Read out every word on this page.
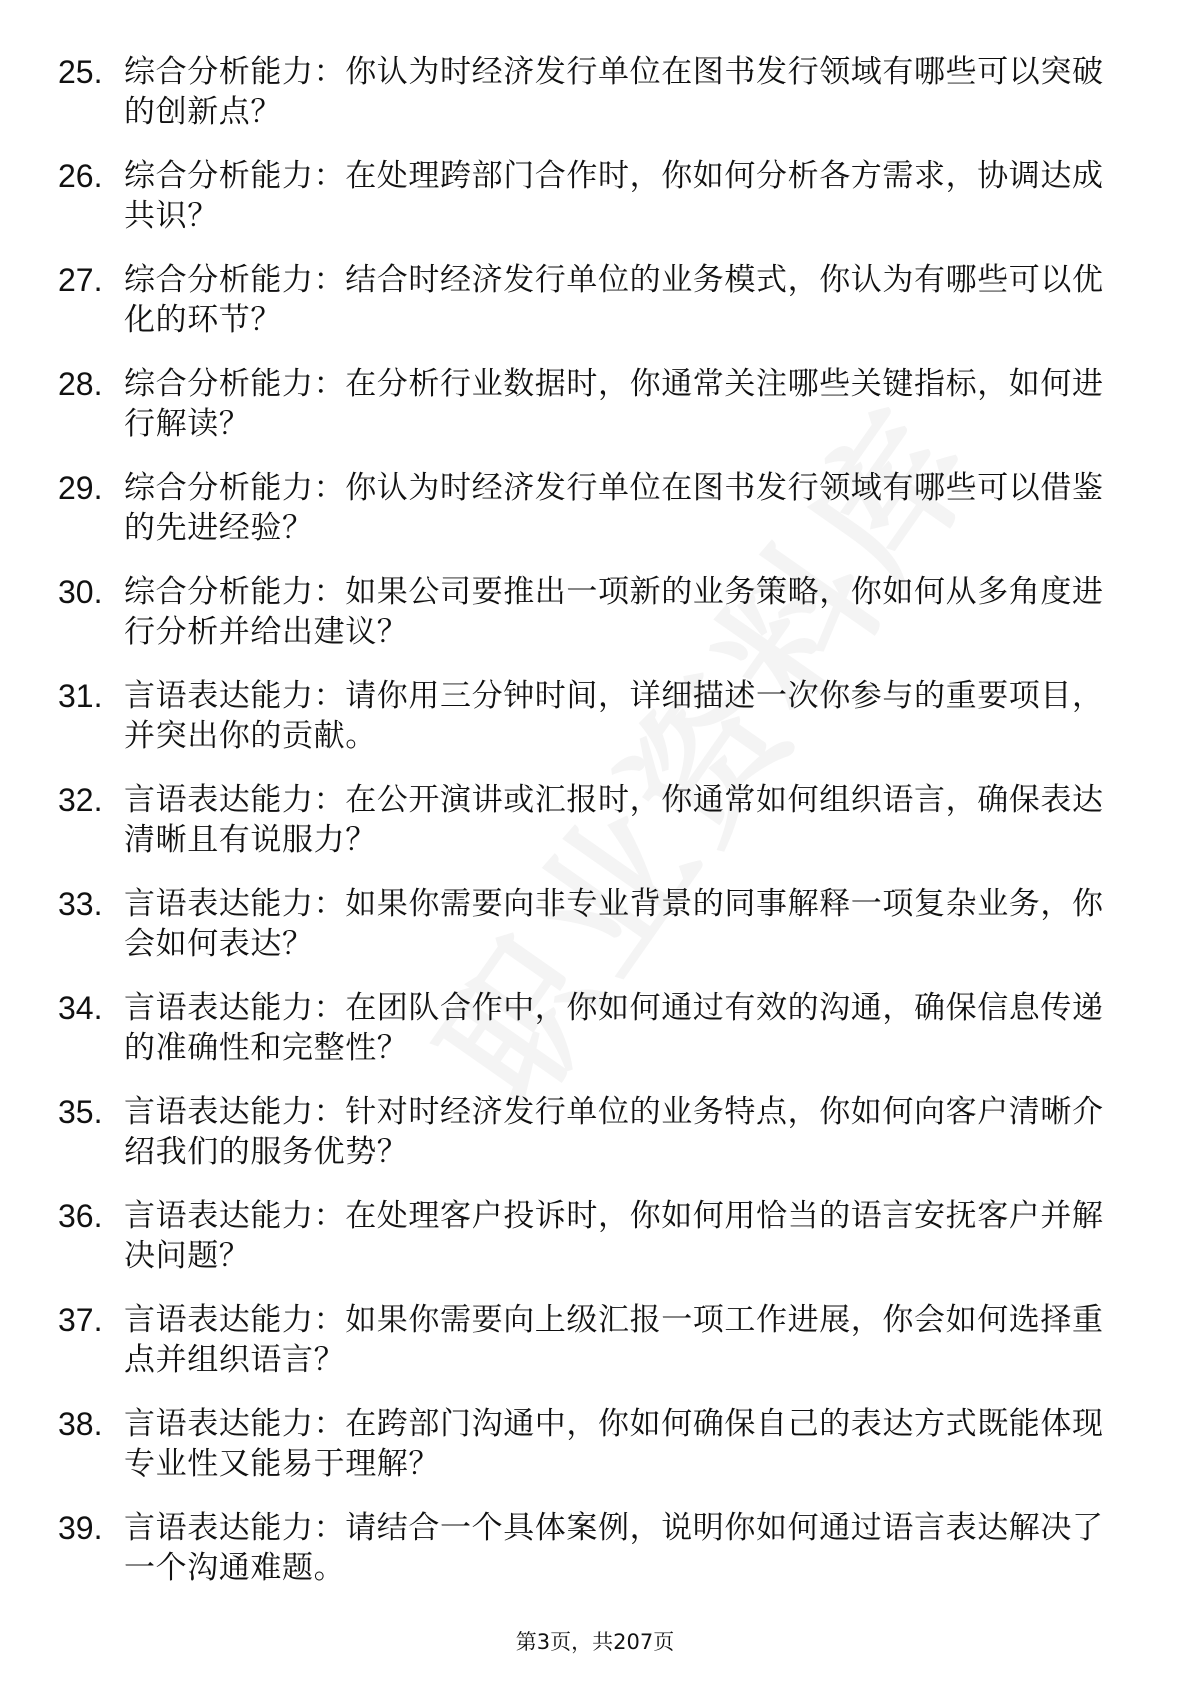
25. 综合分析能力：你认为时经济发行单位在图书发行领域有哪些可以突破的创新点？
26. 综合分析能力：在处理跨部门合作时，你如何分析各方需求，协调达成共识？
27. 综合分析能力：结合时经济发行单位的业务模式，你认为有哪些可以优化的环节？
28. 综合分析能力：在分析行业数据时，你通常关注哪些关键指标，如何进行解读？
29. 综合分析能力：你认为时经济发行单位在图书发行领域有哪些可以借鉴的先进经验？
30. 综合分析能力：如果公司要推出一项新的业务策略，你如何从多角度进行分析并给出建议？
31. 言语表达能力：请你用三分钟时间，详细描述一次你参与的重要项目，并突出你的贡献。
32. 言语表达能力：在公开演讲或汇报时，你通常如何组织语言，确保表达清晰且有说服力？
33. 言语表达能力：如果你需要向非专业背景的同事解释一项复杂业务，你会如何表达？
34. 言语表达能力：在团队合作中，你如何通过有效的沟通，确保信息传递的准确性和完整性？
35. 言语表达能力：针对时经济发行单位的业务特点，你如何向客户清晰介绍我们的服务优势？
36. 言语表达能力：在处理客户投诉时，你如何用恰当的语言安抚客户并解决问题？
37. 言语表达能力：如果你需要向上级汇报一项工作进展，你会如何选择重点并组织语言？
38. 言语表达能力：在跨部门沟通中，你如何确保自己的表达方式既能体现专业性又能易于理解？
39. 言语表达能力：请结合一个具体案例，说明你如何通过语言表达解决了一个沟通难题。
第3页，共207页
